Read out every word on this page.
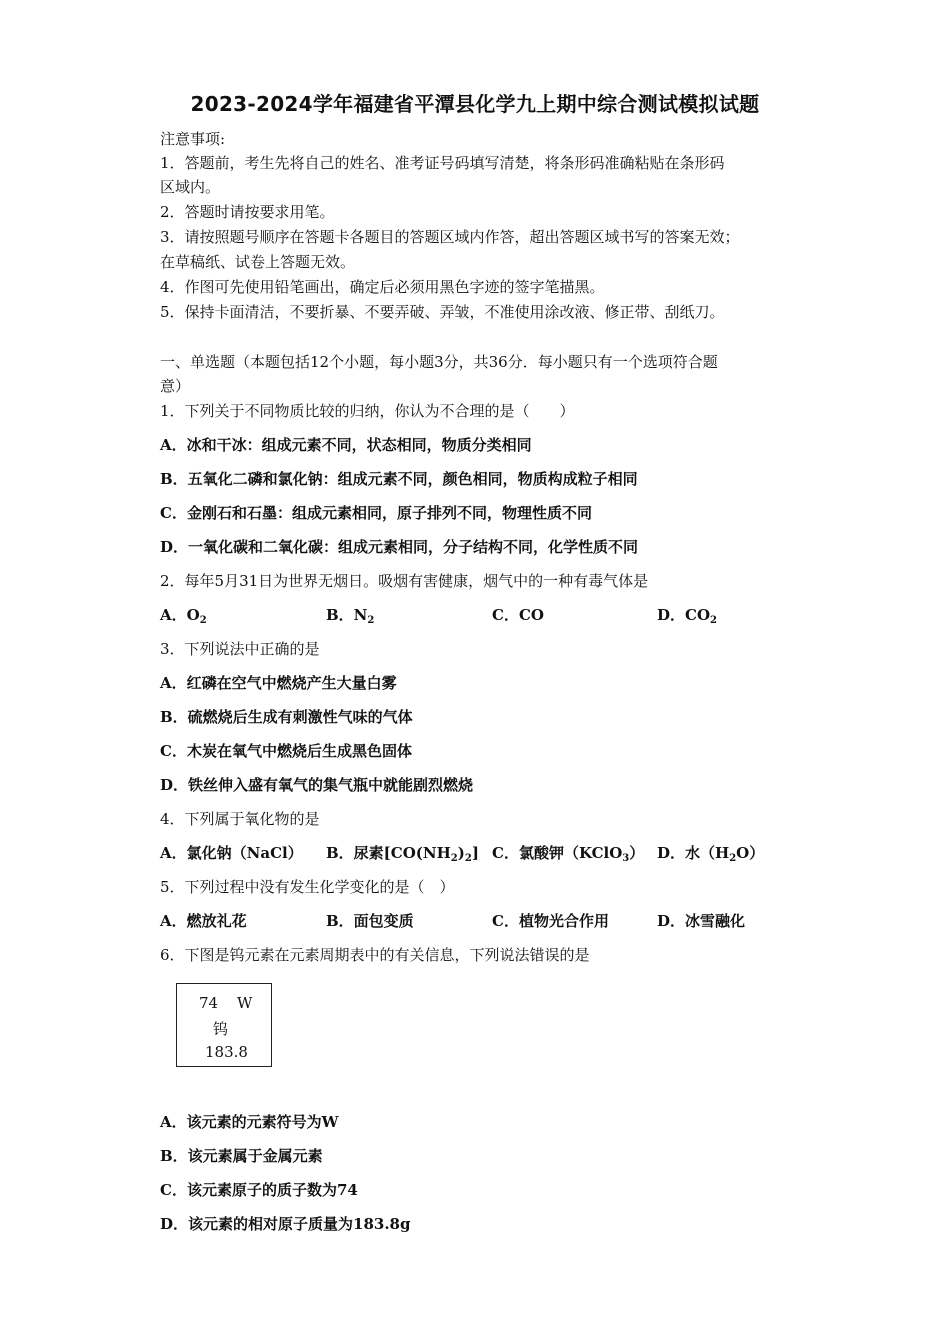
2023-2024学年福建省平潭县化学九上期中综合测试模拟试题
注意事项:
1．答题前，考生先将自己的姓名、准考证号码填写清楚，将条形码准确粘贴在条形码
区域内。
2．答题时请按要求用笔。
3．请按照题号顺序在答题卡各题目的答题区域内作答，超出答题区域书写的答案无效；
在草稿纸、试卷上答题无效。
4．作图可先使用铅笔画出，确定后必须用黑色字迹的签字笔描黑。
5．保持卡面清洁，不要折暴、不要弄破、弄皱，不准使用涂改液、修正带、刮纸刀。
一、单选题（本题包括12个小题，每小题3分，共36分．每小题只有一个选项符合题
意）
1．下列关于不同物质比较的归纳，你认为不合理的是（　　）
A．冰和干冰：组成元素不同，状态相同，物质分类相同
B．五氧化二磷和氯化钠：组成元素不同，颜色相同，物质构成粒子相同
C．金刚石和石墨：组成元素相同，原子排列不同，物理性质不同
D．一氧化碳和二氧化碳：组成元素相同，分子结构不同，化学性质不同
2．每年5月31日为世界无烟日。吸烟有害健康，烟气中的一种有毒气体是
A．$O_2$	B．$N_2$	C．CO	D．$CO_2$
3．下列说法中正确的是
A．红磷在空气中燃烧产生大量白雾
B．硫燃烧后生成有刺激性气味的气体
C．木炭在氧气中燃烧后生成黑色固体
D．铁丝伸入盛有氧气的集气瓶中就能剧烈燃烧
4．下列属于氧化物的是
A．氯化钠（NaCl） B．尿素$[CO(NH_2)_2]$ C．氯酸钾（KClO$_3$） D．水$(H_2O)$
5．下列过程中没有发生化学变化的是（　）
A．燃放礼花	B．面包变质	C．植物光合作用	D．冰雪融化
6．下图是钨元素在元素周期表中的有关信息，下列说法错误的是
74 W
钨
183.8
A．该元素的元素符号为W
B．该元素属于金属元素
C．该元素原子的质子数为74
D．该元素的相对原子质量为183.8g
